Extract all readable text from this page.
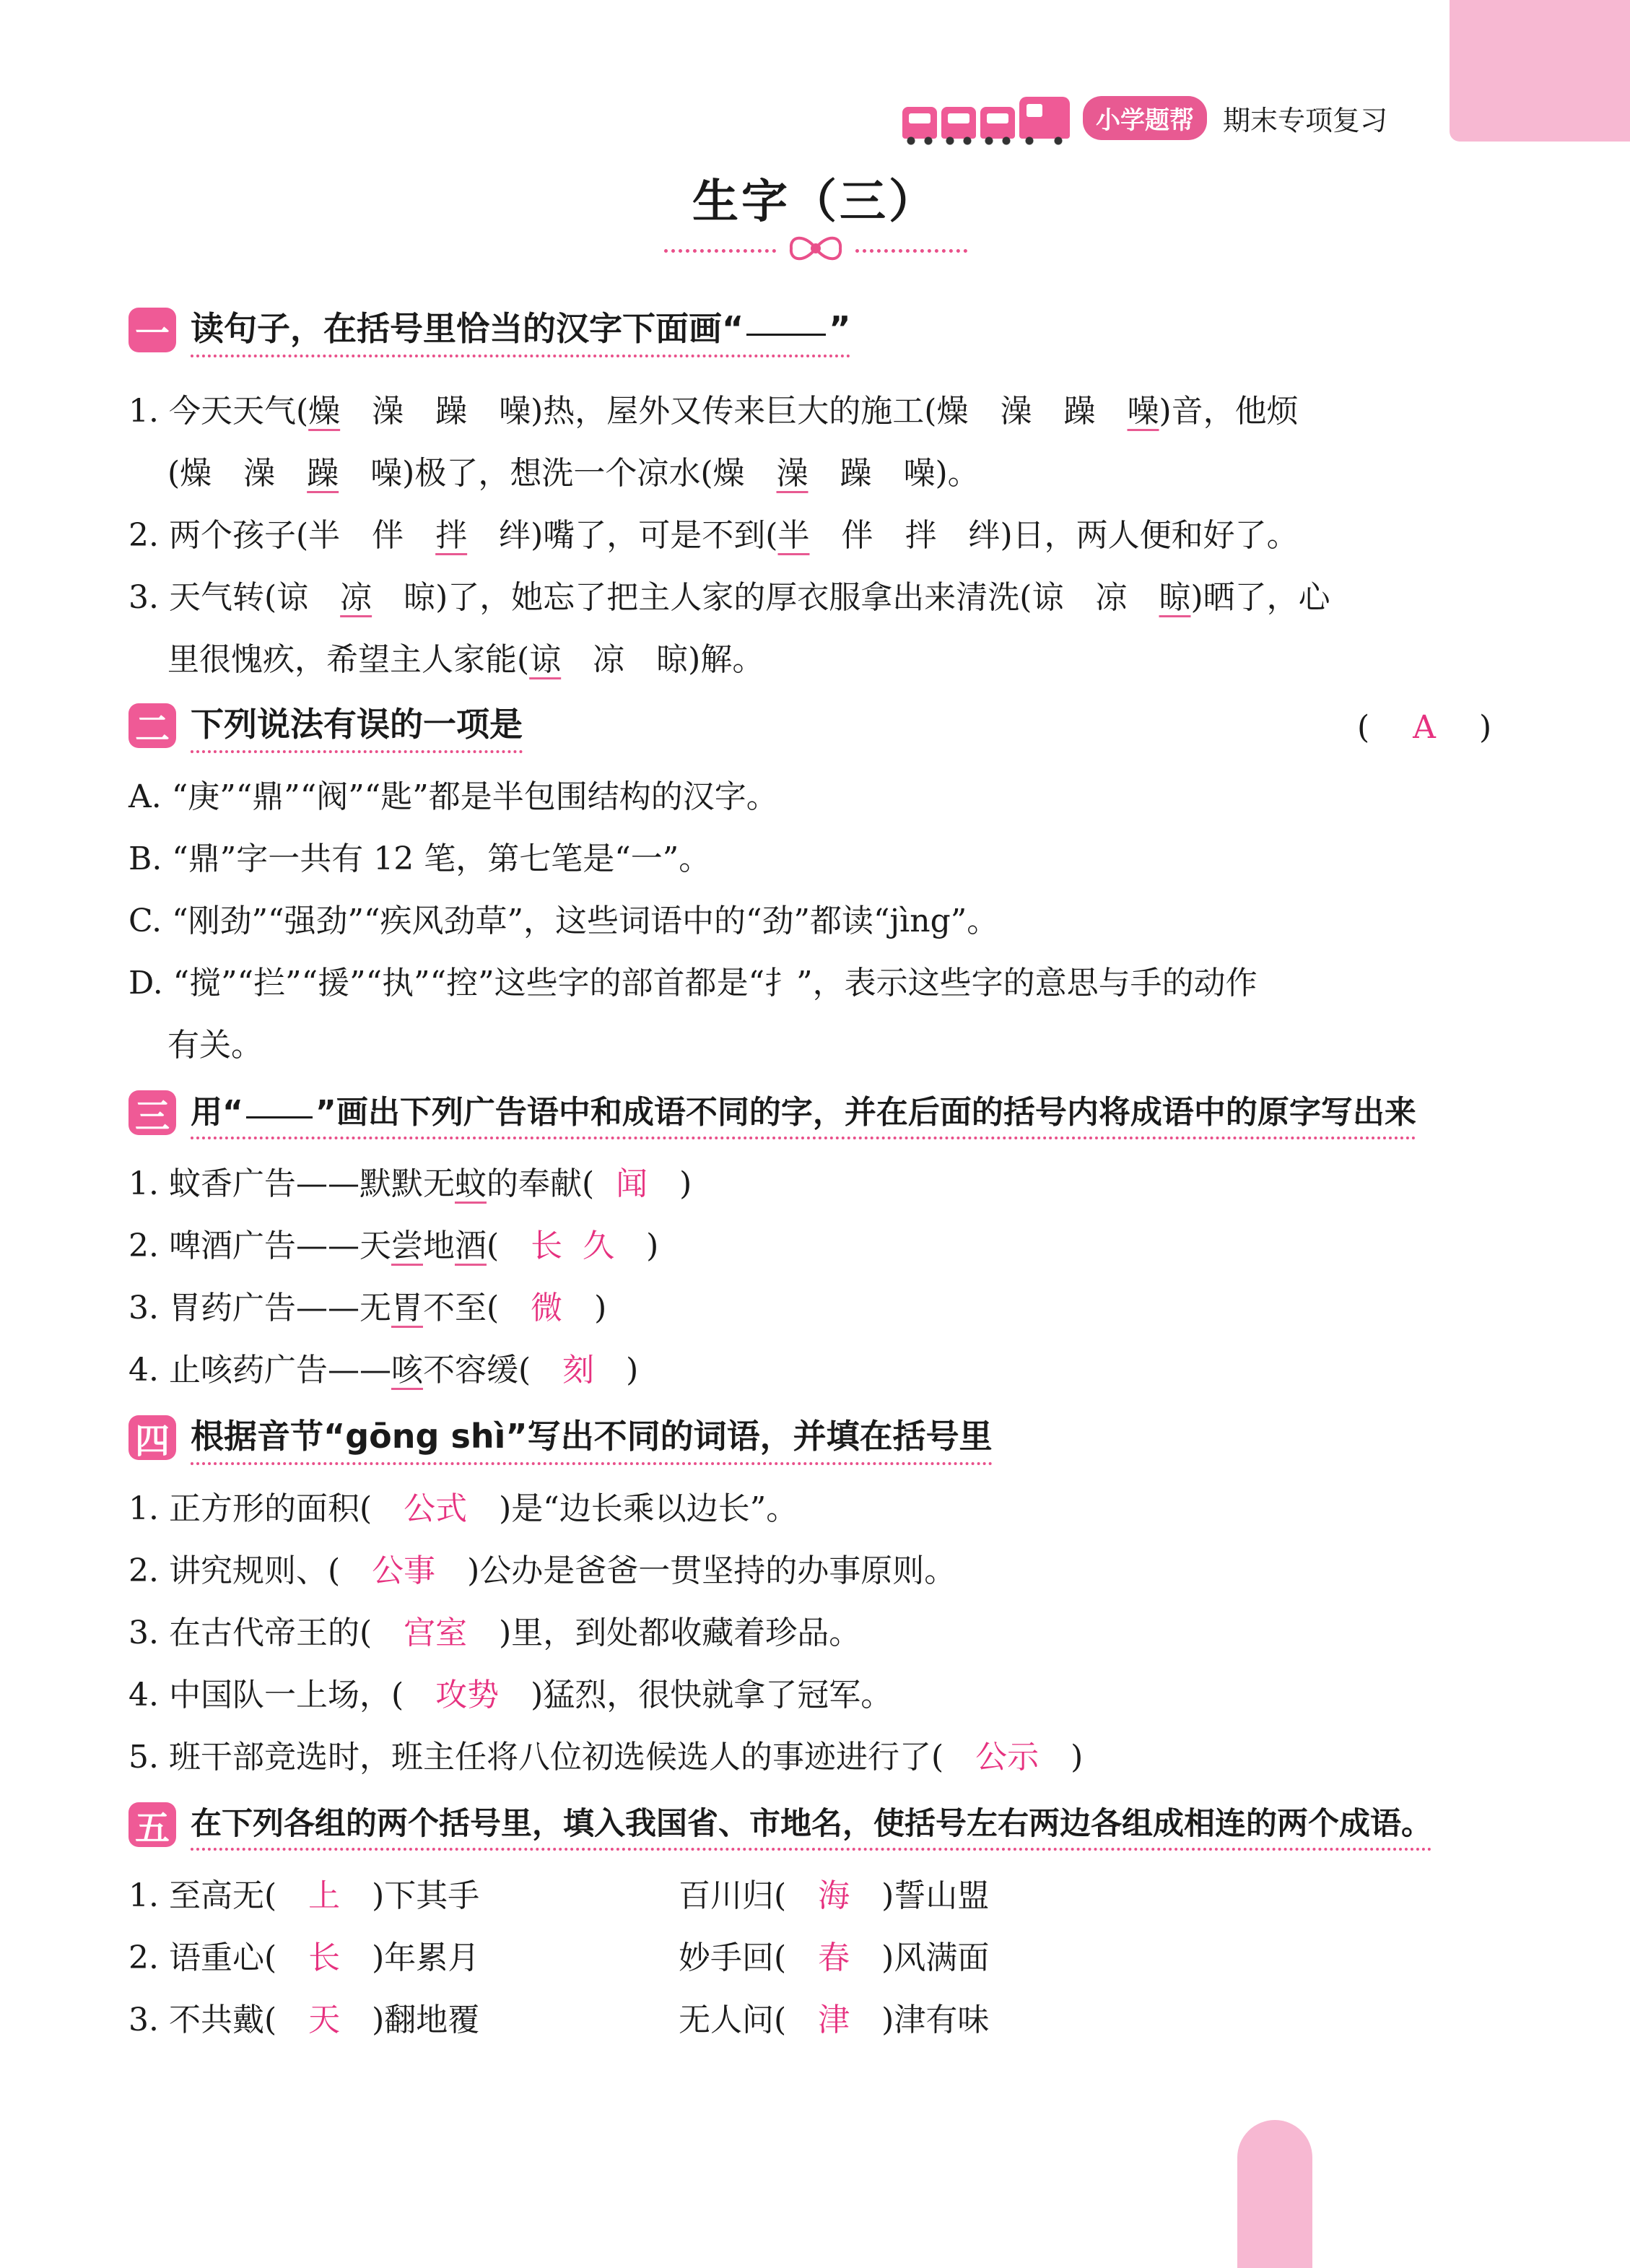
小学题帮	期末专项复习
生字（三）
一 读句子，在括号里恰当的汉字下面画“	”
1. 今天天气(燥 澡 躁 噪)热，屋外又传来巨大的施工(燥 澡 躁 噪)音，他烦
(燥 澡 躁 噪)极了，想洗一个凉水(燥 澡 躁 噪)。
2. 两个孩子(半 伴 拌 绊)嘴了，可是不到(半 伴 拌 绊)日，两人便和好了。
3. 天气转(谅 凉 晾)了，她忘了把主人家的厚衣服拿出来清洗(谅 凉 晾)晒了，心
里很愧疚，希望主人家能(谅 凉 晾)解。
二 下列说法有误的一项是	( A )
A. “庚”“鼎”“阀”“匙”都是半包围结构的汉字。
B. “鼎”字一共有 12 笔，第七笔是“一”。
C. “刚劲”“强劲”“疾风劲草”，这些词语中的“劲”都读“jìng”。
D. “搅”“拦”“援”“执”“控”这些字的部首都是“扌”，表示这些字的意思与手的动作
有关。
三 用“ ”画出下列广告语中和成语不同的字，并在后面的括号内将成语中的原字写出来
1. 蚊香广告——默默无蚊的奉献( 闻 )
2. 啤酒广告——天尝地酒( 长  久 )
3. 胃药广告——无胃不至( 微 )
4. 止咳药广告——咳不容缓( 刻 )
四 根据音节“gōng shì”写出不同的词语，并填在括号里
1. 正方形的面积( 公式 )是“边长乘以边长”。
2. 讲究规则、( 公事 )公办是爸爸一贯坚持的办事原则。
3. 在古代帝王的( 宫室 )里，到处都收藏着珍品。
4. 中国队一上场，( 攻势 )猛烈，很快就拿了冠军。
5. 班干部竞选时，班主任将八位初选候选人的事迹进行了( 公示 )
五 在下列各组的两个括号里，填入我国省、市地名，使括号左右两边各组成相连的两个成语。
1. 至高无( 上 )下其手	百川归( 海 )誓山盟
2. 语重心( 长 )年累月	妙手回( 春 )风满面
3. 不共戴( 天 )翻地覆	无人问( 津 )津有味
27
